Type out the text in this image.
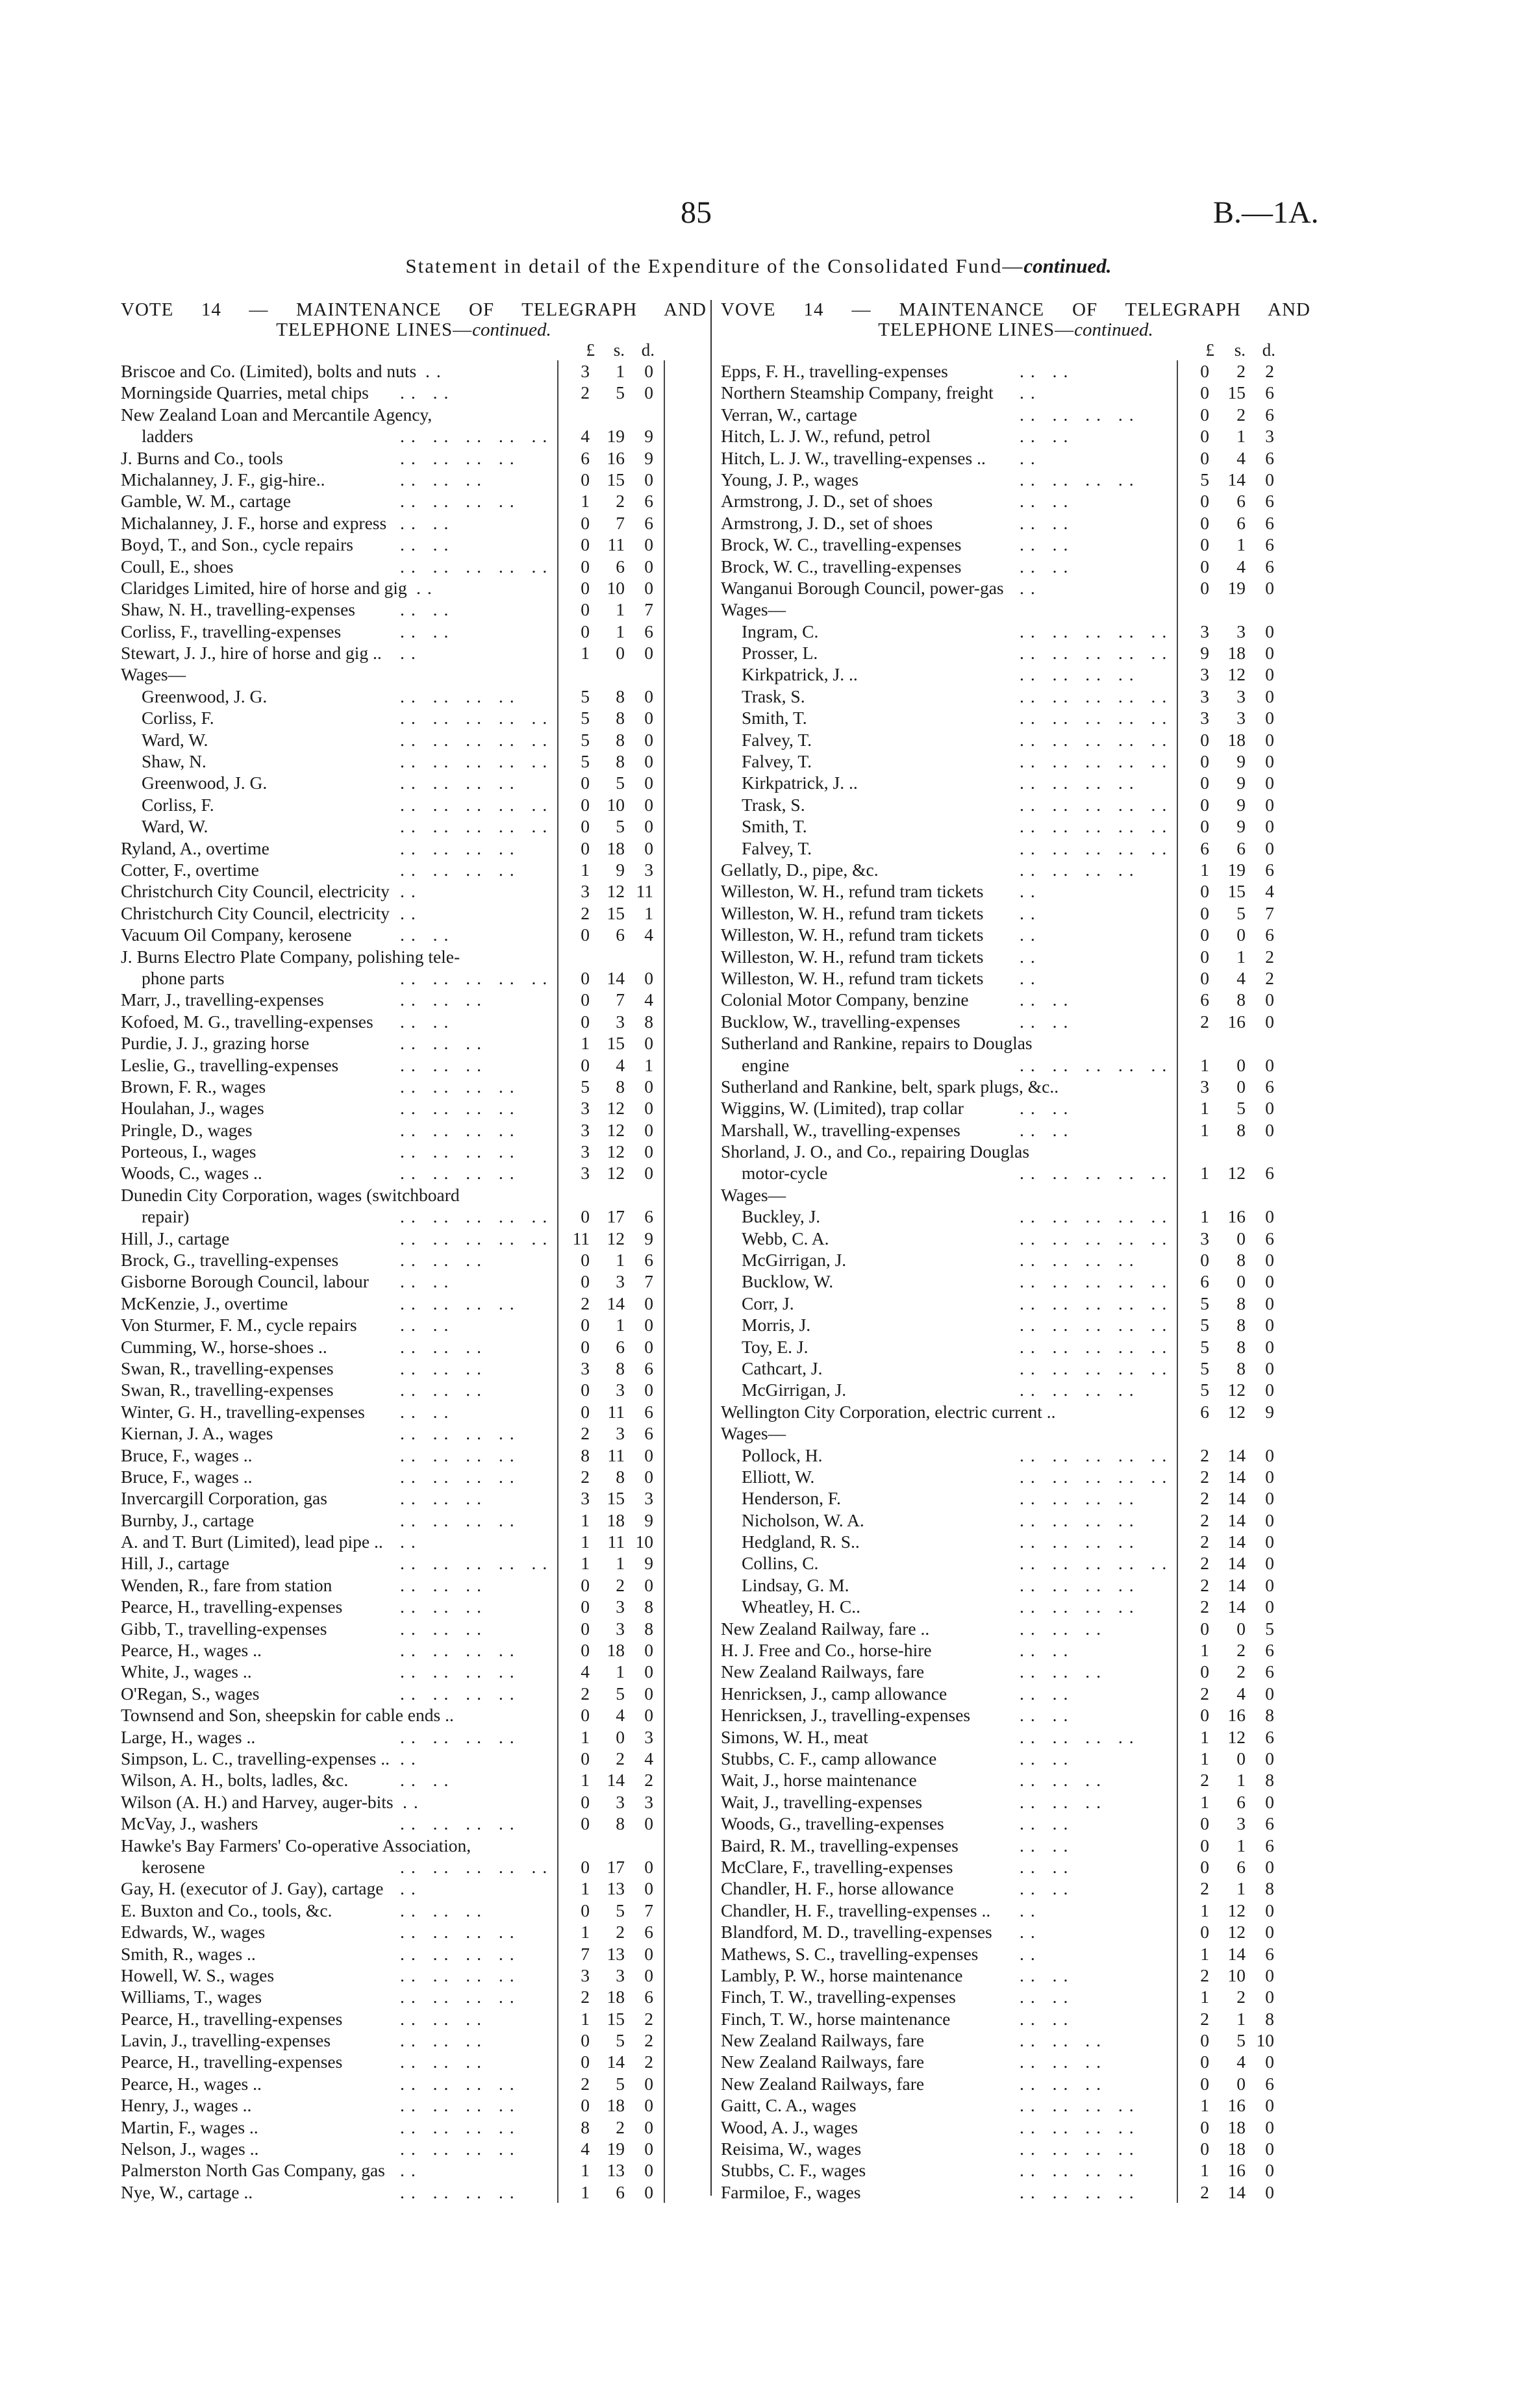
85	B.—1A.
Statement in detail of the Expenditure of the Consolidated Fund—continued.
VOTE 14 — MAINTENANCE OF TELEGRAPH AND
TELEPHONE LINES—continued.
£	s. d.
Briscoe and Co. (Limited), bolts and nuts ..	3	1	0
Morningside Quarries, metal chips .. ..	2	5	0
New Zealand Loan and Mercantile Agency,
ladders	.. .. .. .. ..	4 19	9
J. Burns and Co., tools	.. .. .. ..	6 16	9
Michalanney, J. F., gig-hire..	.. .. ..	0 15	0
Gamble, W. M., cartage	.. .. .. ..	1	2	6
Michalanney, J. F., horse and express .. ..	0	7	6
Boyd, T., and Son., cycle repairs	.. ..	0	11	0
Coull, E., shoes	.. .. .. .. ..	0	6	0
Claridges Limited, hire of horse and gig ..	0 10	0
Shaw, N. H., travelling-expenses	.. ..	0	1	7
Corliss, F., travelling-expenses	.. ..	0	1	6
Stewart, J. J., hire of horse and gig .. ..	1	0	0
Wages—
Greenwood, J. G.	.. .. .. ..	5	8	0
Corliss, F.	.. .. .. .. ..	5	8	0
Ward, W.	.. .. .. .. ..	5	8	0
Shaw, N.	.. .. .. .. ..	5	8	0
Greenwood, J. G.	.. .. .. ..	0	5	0
Corliss, F.	.. .. .. .. ..	0 10	0
Ward, W.	.. .. .. .. ..	0	5	0
Ryland, A., overtime	.. .. .. ..	0 18	0
Cotter, F., overtime	.. .. .. ..	1	9	3
Christchurch City Council, electricity ..	3 12 11
Christchurch City Council, electricity ..	2 15	1
Vacuum Oil Company, kerosene	.. ..	0	6	4
J. Burns Electro Plate Company, polishing tele-
phone parts	.. .. .. .. ..	0 14	0
Marr, J., travelling-expenses	.. .. ..	0	7	4
Kofoed, M. G., travelling-expenses .. ..	0	3	8
Purdie, J. J., grazing horse	.. .. ..	1 15	0
Leslie, G., travelling-expenses	.. .. ..	0	4	1
Brown, F. R., wages	.. .. .. ..	5	8	0
Houlahan, J., wages	.. .. .. ..	3 12	0
Pringle, D., wages	.. .. .. ..	3 12	0
Porteous, I., wages	.. .. .. ..	3 12	0
Woods, C., wages ..	.. .. .. ..	3 12	0
Dunedin City Corporation, wages (switchboard
repair)	.. .. .. .. ..	0 17	6
Hill, J., cartage	.. .. .. .. .. 11 12	9
Brock, G., travelling-expenses	.. .. ..	0	1	6
Gisborne Borough Council, labour .. ..	0	3	7
McKenzie, J., overtime	.. .. .. ..	2 14	0
Von Sturmer, F. M., cycle repairs .. ..	0	1	0
Cumming, W., horse-shoes ..	.. .. ..	0	6	0
Swan, R., travelling-expenses	.. .. ..	3	8	6
Swan, R., travelling-expenses	.. .. ..	0	3	0
Winter, G. H., travelling-expenses .. ..	0	11	6
Kiernan, J. A., wages	.. .. .. ..	2	3	6
Bruce, F., wages ..	.. .. .. ..	8	11	0
Bruce, F., wages ..	.. .. .. ..	2	8	0
Invercargill Corporation, gas	.. .. ..	3 15	3
Burnby, J., cartage	.. .. .. ..	1 18	9
A. and T. Burt (Limited), lead pipe .. ..	1	11 10
Hill, J., cartage	.. .. .. .. ..	1	1	9
Wenden, R., fare from station	.. .. ..	0	2	0
Pearce, H., travelling-expenses	.. .. ..	0	3	8
Gibb, T., travelling-expenses	.. .. ..	0	3	8
Pearce, H., wages ..	.. .. .. ..	0 18	0
White, J., wages ..	.. .. .. ..	4	1	0
O'Regan, S., wages	.. .. .. ..	2	5	0
Townsend and Son, sheepskin for cable ends ..	0	4	0
Large, H., wages ..	.. .. .. ..	1	0	3
Simpson, L. C., travelling-expenses .. ..	0	2	4
Wilson, A. H., bolts, ladles, &c.	.. ..	1 14	2
Wilson (A. H.) and Harvey, auger-bits ..	0	3	3
McVay, J., washers	.. .. .. ..	0	8	0
Hawke's Bay Farmers' Co-operative Association,
kerosene	.. .. .. .. ..	0 17	0
Gay, H. (executor of J. Gay), cartage ..	1 13	0
E. Buxton and Co., tools, &c.	.. .. ..	0	5	7
Edwards, W., wages	.. .. .. ..	1	2	6
Smith, R., wages ..	.. .. .. ..	7 13	0
Howell, W. S., wages	.. .. .. ..	3	3	0
Williams, T., wages	.. .. .. ..	2 18	6
Pearce, H., travelling-expenses	.. .. ..	1 15	2
Lavin, J., travelling-expenses	.. .. ..	0	5	2
Pearce, H., travelling-expenses	.. .. ..	0 14	2
Pearce, H., wages ..	.. .. .. ..	2	5	0
Henry, J., wages ..	.. .. .. ..	0 18	0
Martin, F., wages ..	.. .. .. ..	8	2	0
Nelson, J., wages ..	.. .. .. ..	4 19	0
Palmerston North Gas Company, gas ..	1 13	0
Nye, W., cartage ..	.. .. .. ..	1	6	0
VOVE 14 — MAINTENANCE OF TELEGRAPH AND
TELEPHONE LINES—continued.
£	s. d.
Epps, F. H., travelling-expenses	.. ..	0	2	2
Northern Steamship Company, freight ..	0	15	6
Verran, W., cartage	.. .. .. ..	0	2	6
Hitch, L. J. W., refund, petrol	.. ..	0	1	3
Hitch, L. J. W., travelling-expenses .. ..	0	4	6
Young, J. P., wages	.. .. .. ..	5	14	0
Armstrong, J. D., set of shoes	.. ..	0	6	6
Armstrong, J. D., set of shoes	.. ..	0	6	6
Brock, W. C., travelling-expenses	.. ..	0	1	6
Brock, W. C., travelling-expenses	.. ..	0	4	6
Wanganui Borough Council, power-gas ..	0	19	0
Wages—
Ingram, C.	.. .. .. .. ..	3	3	0
Prosser, L.	.. .. .. .. ..	9	18	0
Kirkpatrick, J. ..	.. .. .. ..	3	12	0
Trask, S.	.. .. .. .. ..	3	3	0
Smith, T.	.. .. .. .. ..	3	3	0
Falvey, T.	.. .. .. .. ..	0	18	0
Falvey, T.	.. .. .. .. ..	0	9	0
Kirkpatrick, J. ..	.. .. .. ..	0	9	0
Trask, S.	.. .. .. .. ..	0	9	0
Smith, T.	.. .. .. .. ..	0	9	0
Falvey, T.	.. .. .. .. ..	6	6	0
Gellatly, D., pipe, &c.	.. .. .. ..	1	19	6
Willeston, W. H., refund tram tickets ..	0	15	4
Willeston, W. H., refund tram tickets ..	0	5	7
Willeston, W. H., refund tram tickets ..	0	0	6
Willeston, W. H., refund tram tickets ..	0	1	2
Willeston, W. H., refund tram tickets ..	0	4	2
Colonial Motor Company, benzine	.. ..	6	8	0
Bucklow, W., travelling-expenses	.. ..	2	16	0
Sutherland and Rankine, repairs to Douglas
engine	.. .. .. .. ..	1	0	0
Sutherland and Rankine, belt, spark plugs, &c..	3	0	6
Wiggins, W. (Limited), trap collar	.. ..	1	5	0
Marshall, W., travelling-expenses	.. ..	1	8	0
Shorland, J. O., and Co., repairing Douglas
motor-cycle	.. .. .. .. ..	1	12	6
Wages—
Buckley, J.	.. .. .. .. ..	1	16	0
Webb, C. A.	.. .. .. .. ..	3	0	6
McGirrigan, J.	.. .. .. ..	0	8	0
Bucklow, W.	.. .. .. .. ..	6	0	0
Corr, J.	.. .. .. .. ..	5	8	0
Morris, J.	.. .. .. .. ..	5	8	0
Toy, E. J.	.. .. .. .. ..	5	8	0
Cathcart, J.	.. .. .. .. ..	5	8	0
McGirrigan, J.	.. .. .. ..	5	12	0
Wellington City Corporation, electric current ..	6	12	9
Wages—
Pollock, H.	.. .. .. .. ..	2	14	0
Elliott, W.	.. .. .. .. ..	2	14	0
Henderson, F.	.. .. .. ..	2	14	0
Nicholson, W. A.	.. .. .. ..	2	14	0
Hedgland, R. S..	.. .. .. ..	2	14	0
Collins, C.	.. .. .. .. ..	2	14	0
Lindsay, G. M.	.. .. .. ..	2	14	0
Wheatley, H. C..	.. .. .. ..	2	14	0
New Zealand Railway, fare ..	.. .. ..	0	0	5
H. J. Free and Co., horse-hire	.. ..	1	2	6
New Zealand Railways, fare	.. .. ..	0	2	6
Henricksen, J., camp allowance	.. ..	2	4	0
Henricksen, J., travelling-expenses	.. ..	0	16	8
Simons, W. H., meat	.. .. .. ..	1	12	6
Stubbs, C. F., camp allowance	.. ..	1	0	0
Wait, J., horse maintenance	.. .. ..	2	1	8
Wait, J., travelling-expenses	.. .. ..	1	6	0
Woods, G., travelling-expenses	.. ..	0	3	6
Baird, R. M., travelling-expenses	.. ..	0	1	6
McClare, F., travelling-expenses	.. ..	0	6	0
Chandler, H. F., horse allowance	.. ..	2	1	8
Chandler, H. F., travelling-expenses .. ..	1	12	0
Blandford, M. D., travelling-expenses ..	0	12	0
Mathews, S. C., travelling-expenses ..	1	14	6
Lambly, P. W., horse maintenance	.. ..	2	10	0
Finch, T. W., travelling-expenses	.. ..	1	2	0
Finch, T. W., horse maintenance	.. ..	2	1	8
New Zealand Railways, fare	.. .. ..	0	5 10
New Zealand Railways, fare	.. .. ..	0	4	0
New Zealand Railways, fare	.. .. ..	0	0	6
Gaitt, C. A., wages	.. .. .. ..	1	16	0
Wood, A. J., wages	.. .. .. ..	0	18	0
Reisima, W., wages	.. .. .. ..	0	18	0
Stubbs, C. F., wages	.. .. .. ..	1	16	0
Farmiloe, F., wages	.. .. .. ..	2	14	0
